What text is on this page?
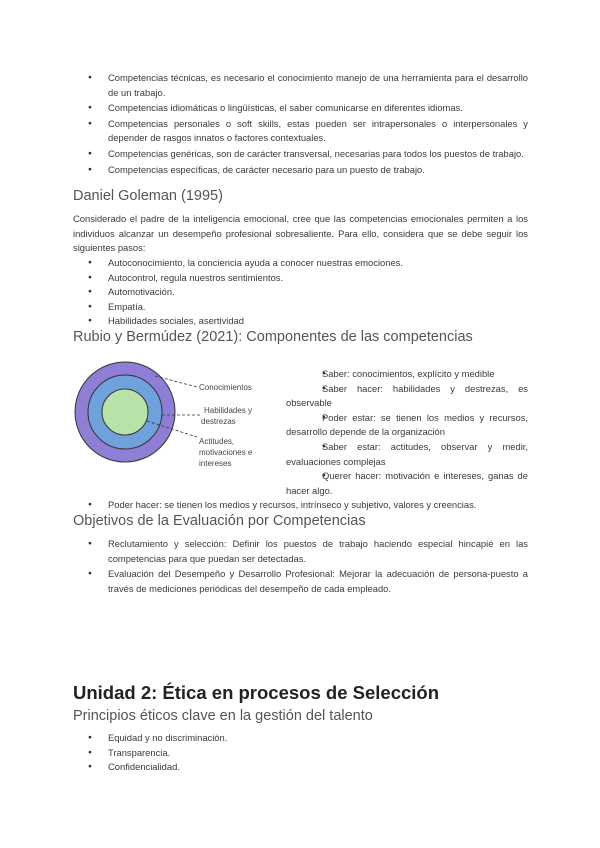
● Competencias técnicas, es necesario el conocimiento manejo de una herramienta para el desarrollo de un trabajo.
● Competencias idiomáticas o lingüísticas, el saber comunicarse en diferentes idiomas.
● Competencias personales o soft skills, estas pueden ser intrapersonales o interpersonales y depender de rasgos innatos o factores contextuales.
● Competencias genéricas, son de carácter transversal, necesarias para todos los puestos de trabajo.
● Competencias específicas, de carácter necesario para un puesto de trabajo.
Daniel Goleman (1995)

Considerado el padre de la inteligencia emocional, cree que las competencias emocionales permiten a los individuos alcanzar un desempeño profesional sobresaliente. Para ello, considera que se debe seguir los siguientes pasos:

● Autoconocimiento, la conciencia ayuda a conocer nuestras emociones.
● Autocontrol, regula nuestros sentimientos.
● Automotivación.
● Empatía.
● Habilidades sociales, asertividad
Rubio y Bermúdez (2021): Componentes de las competencias
Conocimientos
Habilidades y
destrezas
Actitudes,
motivaciones e
intereses
● Saber: conocimientos, explícito y medible
● Saber hacer: habilidades y destrezas, es observable
● Poder estar: se tienen los medios y recursos, desarrollo depende de la organización
● Saber estar: actitudes, observar y medir, evaluaciones complejas
● Querer hacer: motivación e intereses, ganas de hacer algo.
● Poder hacer: se tienen los medios y recursos, intrínseco y subjetivo, valores y creencias.
Objetivos de la Evaluación por Competencias
● Reclutamiento y selección: Definir los puestos de trabajo haciendo especial hincapié en las competencias para que puedan ser detectadas.
● Evaluación del Desempeño y Desarrollo Profesional: Mejorar la adecuación de persona-puesto a través de mediciones periódicas del desempeño de cada empleado.
Unidad 2: Ética en procesos de Selección
Principios éticos clave en la gestión del talento
● Equidad y no discriminación.
● Transparencia.
● Confidencialidad.
